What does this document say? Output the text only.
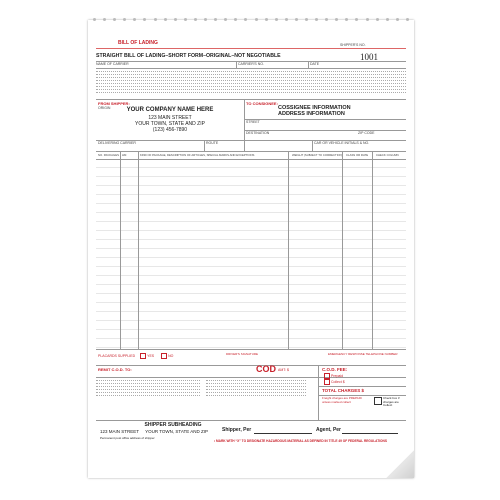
BILL OF LADING	SHIPPER'S NO.
STRAIGHT BILL OF LADING–SHORT FORM–ORIGINAL–NOT NEGOTIABLE	1001
NAME OF CARRIER	CARRIER'S NO.	DATE
FROM SHIPPER:
ORIGIN	YOUR COMPANY NAME HERE
123 MAIN STREET
YOUR TOWN, STATE AND ZIP
(123) 456-7890
TO CONSIGNEE:
COSSIGNEE INFORMATION
ADDRESS INFORMATION
STREET
DESTINATION	ZIP CODE
DELIVERING CARRIER	ROUTE	CAR OR VEHICLE INITIALS & NO.
NO. PACKAGES HM	KIND OF PACKAGE, DESCRIPTION OF ARTICLES, SPECIAL MARKS AND EXCEPTIONS	WEIGHT (SUBJECT TO CORRECTION) CLASS OR RATE	CHECK COLUMN
PLACARDS SUPPLIED	YES	NO	DRIVER'S SIGNATURE	EMERGENCY RESPONSE TELEPHONE NUMBER
REMIT C.O.D. TO:	COD AMT: $	C.O.D. FEE:
Prepaid
Collect $
TOTAL CHARGES $
Freight charges are PREPAID unless marked collect
Check box if charges are Collect
SHIPPER SUBHEADING
123 MAIN STREET     YOUR TOWN, STATE AND ZIP	Shipper, Per	Agent, Per
Permanent post office address of shipper
• MARK WITH “X” TO DESIGNATE HAZARDOUS MATERIAL AS DEFINED IN TITLE 49 OF FEDERAL REGULATIONS
